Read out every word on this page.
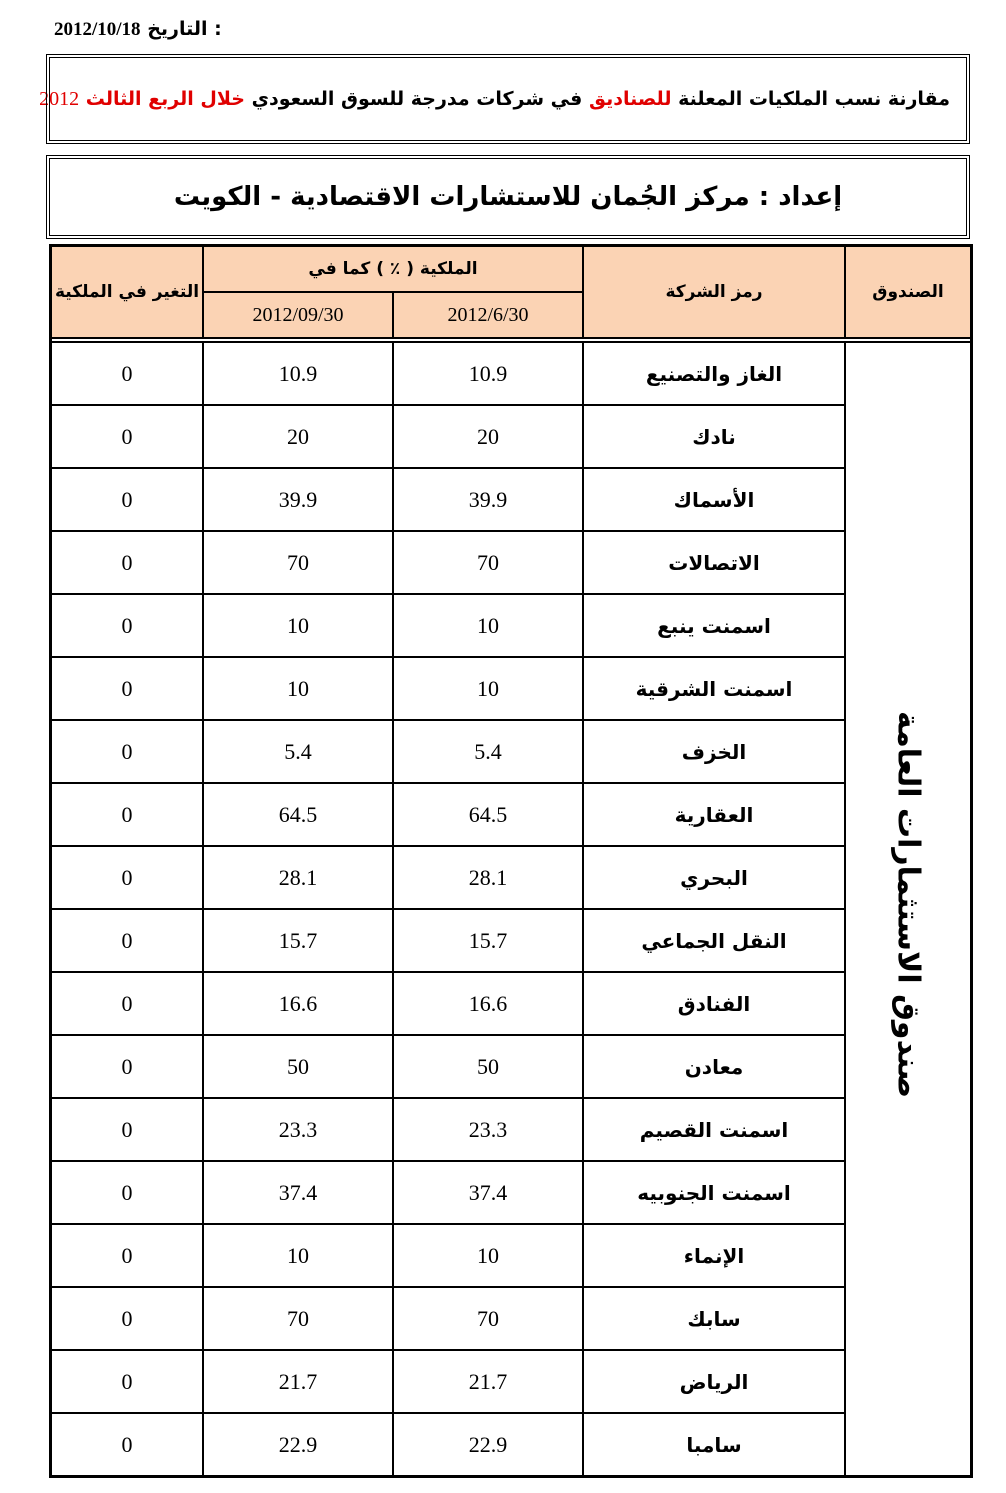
2012/10/18 التاريخ :
مقارنة نسب الملكيات المعلنة للصناديق في شركات مدرجة للسوق السعودي خلال الربع الثالث 2012
إعداد : مركز الجُمان للاستشارات الاقتصادية - الكويت
التغير في الملكية	الملكية ( ٪ ) كما في		رمز الشركة	الصندوق
	2012/09/30	2012/6/30		

0	10.9	10.9	الغاز والتصنيع	صندوق الاستثمارات العامة
0	20	20	نادك	
0	39.9	39.9	الأسماك	
0	70	70	الاتصالات	
0	10	10	اسمنت ينبع	
0	10	10	اسمنت الشرقية	
0	5.4	5.4	الخزف	
0	64.5	64.5	العقارية	
0	28.1	28.1	البحري	
0	15.7	15.7	النقل الجماعي	
0	16.6	16.6	الفنادق	
0	50	50	معادن	
0	23.3	23.3	اسمنت القصيم	
0	37.4	37.4	اسمنت الجنوبيه	
0	10	10	الإنماء	
0	70	70	سابك	
0	21.7	21.7	الرياض	
0	22.9	22.9	سامبا	
